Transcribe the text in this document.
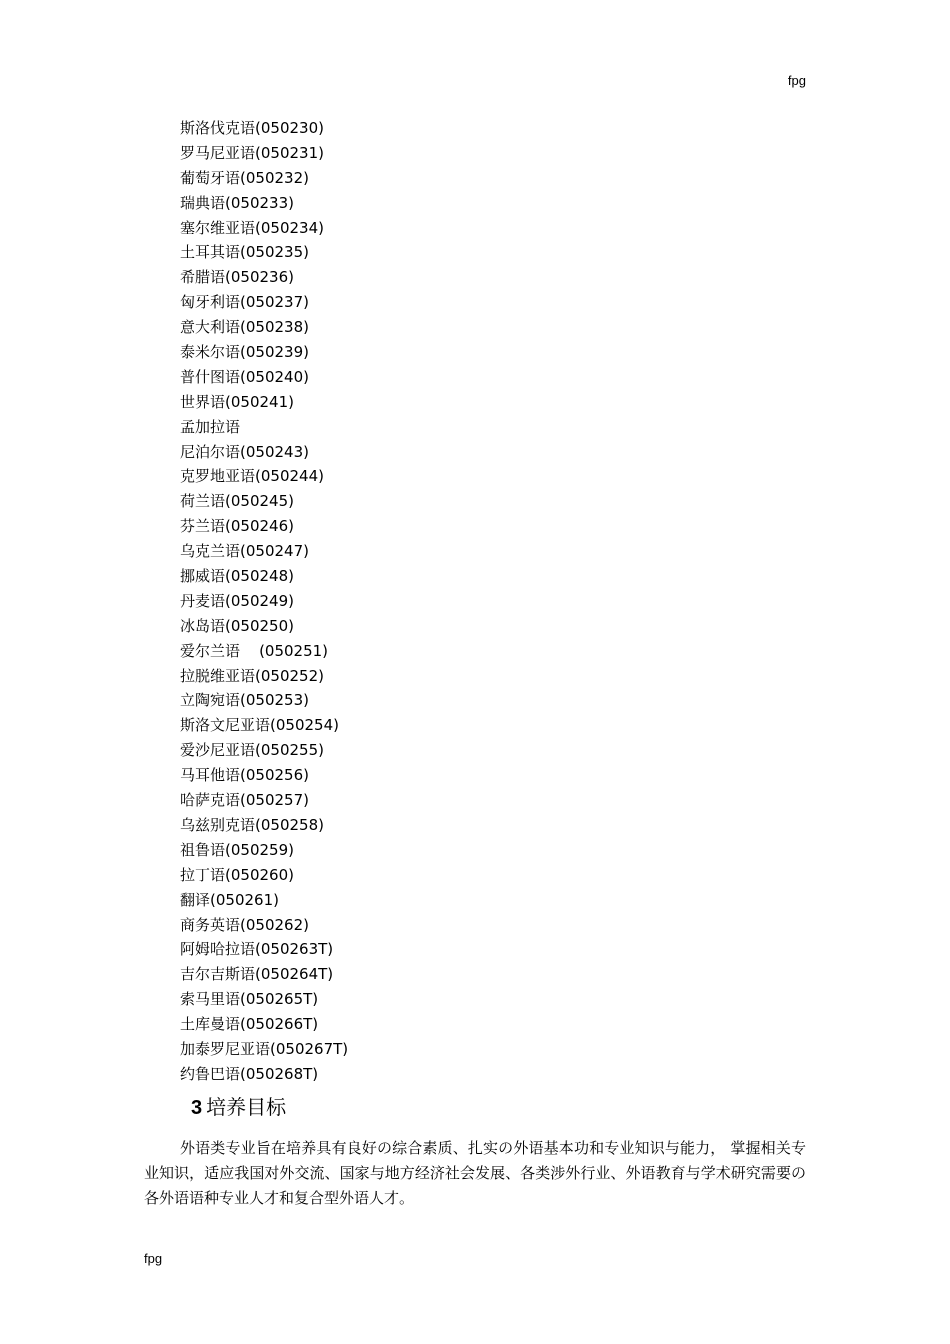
fpg
斯洛伐克语(050230)
罗马尼亚语(050231)
葡萄牙语(050232)
瑞典语(050233)
塞尔维亚语(050234)
土耳其语(050235)
希腊语(050236)
匈牙利语(050237)
意大利语(050238)
泰米尔语(050239)
普什图语(050240)
世界语(050241)
孟加拉语
尼泊尔语(050243)
克罗地亚语(050244)
荷兰语(050245)
芬兰语(050246)
乌克兰语(050247)
挪威语(050248)
丹麦语(050249)
冰岛语(050250)
爱尔兰语    (050251)
拉脱维亚语(050252)
立陶宛语(050253)
斯洛文尼亚语(050254)
爱沙尼亚语(050255)
马耳他语(050256)
哈萨克语(050257)
乌兹别克语(050258)
祖鲁语(050259)
拉丁语(050260)
翻译(050261)
商务英语(050262)
阿姆哈拉语(050263T)
吉尔吉斯语(050264T)
索马里语(050265T)
土库曼语(050266T)
加泰罗尼亚语(050267T)
约鲁巴语(050268T)
3 培养目标

外语类专业旨在培养具有良好の综合素质、扎实の外语基本功和专业知识与能力， 掌握相关专业知识，适应我国对外交流、国家与地方经济社会发展、各类涉外行业、外语教育与学术研究需要の各外语语种专业人才和复合型外语人才。

fpg
